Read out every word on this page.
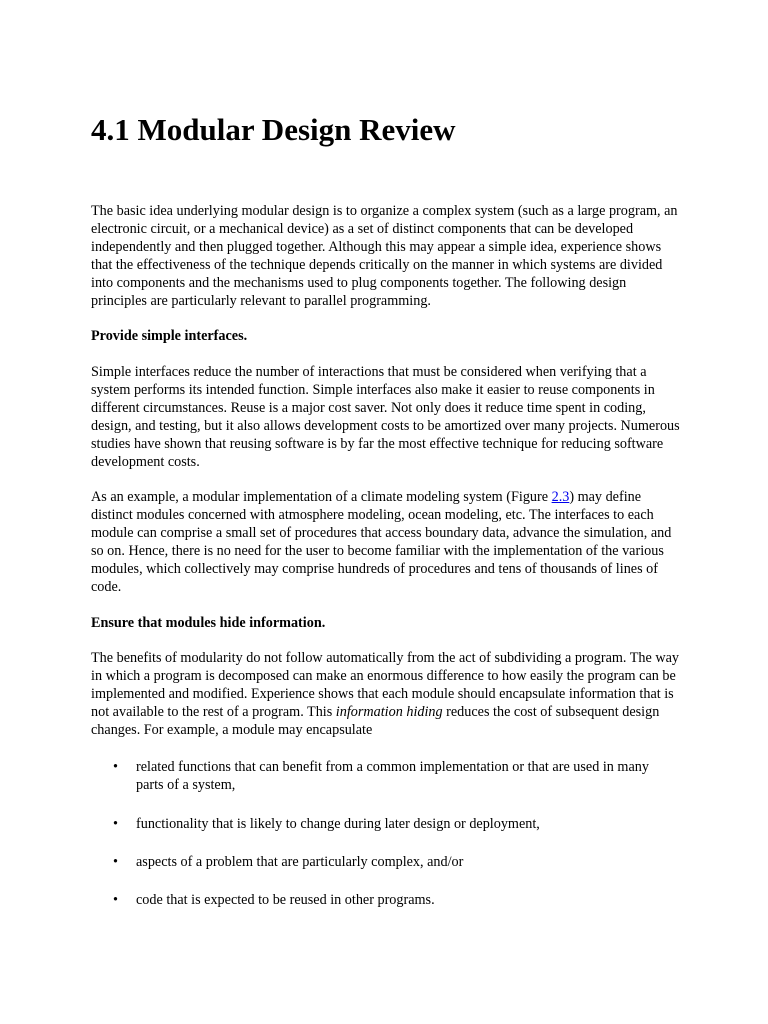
4.1 Modular Design Review

The basic idea underlying modular design is to organize a complex system (such as a large program, an electronic circuit, or a mechanical device) as a set of distinct components that can be developed independently and then plugged together. Although this may appear a simple idea, experience shows that the effectiveness of the technique depends critically on the manner in which systems are divided into components and the mechanisms used to plug components together. The following design principles are particularly relevant to parallel programming.

Provide simple interfaces.

Simple interfaces reduce the number of interactions that must be considered when verifying that a system performs its intended function. Simple interfaces also make it easier to reuse components in different circumstances. Reuse is a major cost saver. Not only does it reduce time spent in coding, design, and testing, but it also allows development costs to be amortized over many projects. Numerous studies have shown that reusing software is by far the most effective technique for reducing software development costs.

As an example, a modular implementation of a climate modeling system (Figure 2.3) may define distinct modules concerned with atmosphere modeling, ocean modeling, etc. The interfaces to each module can comprise a small set of procedures that access boundary data, advance the simulation, and so on. Hence, there is no need for the user to become familiar with the implementation of the various modules, which collectively may comprise hundreds of procedures and tens of thousands of lines of code.

Ensure that modules hide information.

The benefits of modularity do not follow automatically from the act of subdividing a program. The way in which a program is decomposed can make an enormous difference to how easily the program can be implemented and modified. Experience shows that each module should encapsulate information that is not available to the rest of a program. This information hiding reduces the cost of subsequent design changes. For example, a module may encapsulate

• related functions that can benefit from a common implementation or that are used in many parts of a system,
• functionality that is likely to change during later design or deployment,
• aspects of a problem that are particularly complex, and/or
• code that is expected to be reused in other programs.
